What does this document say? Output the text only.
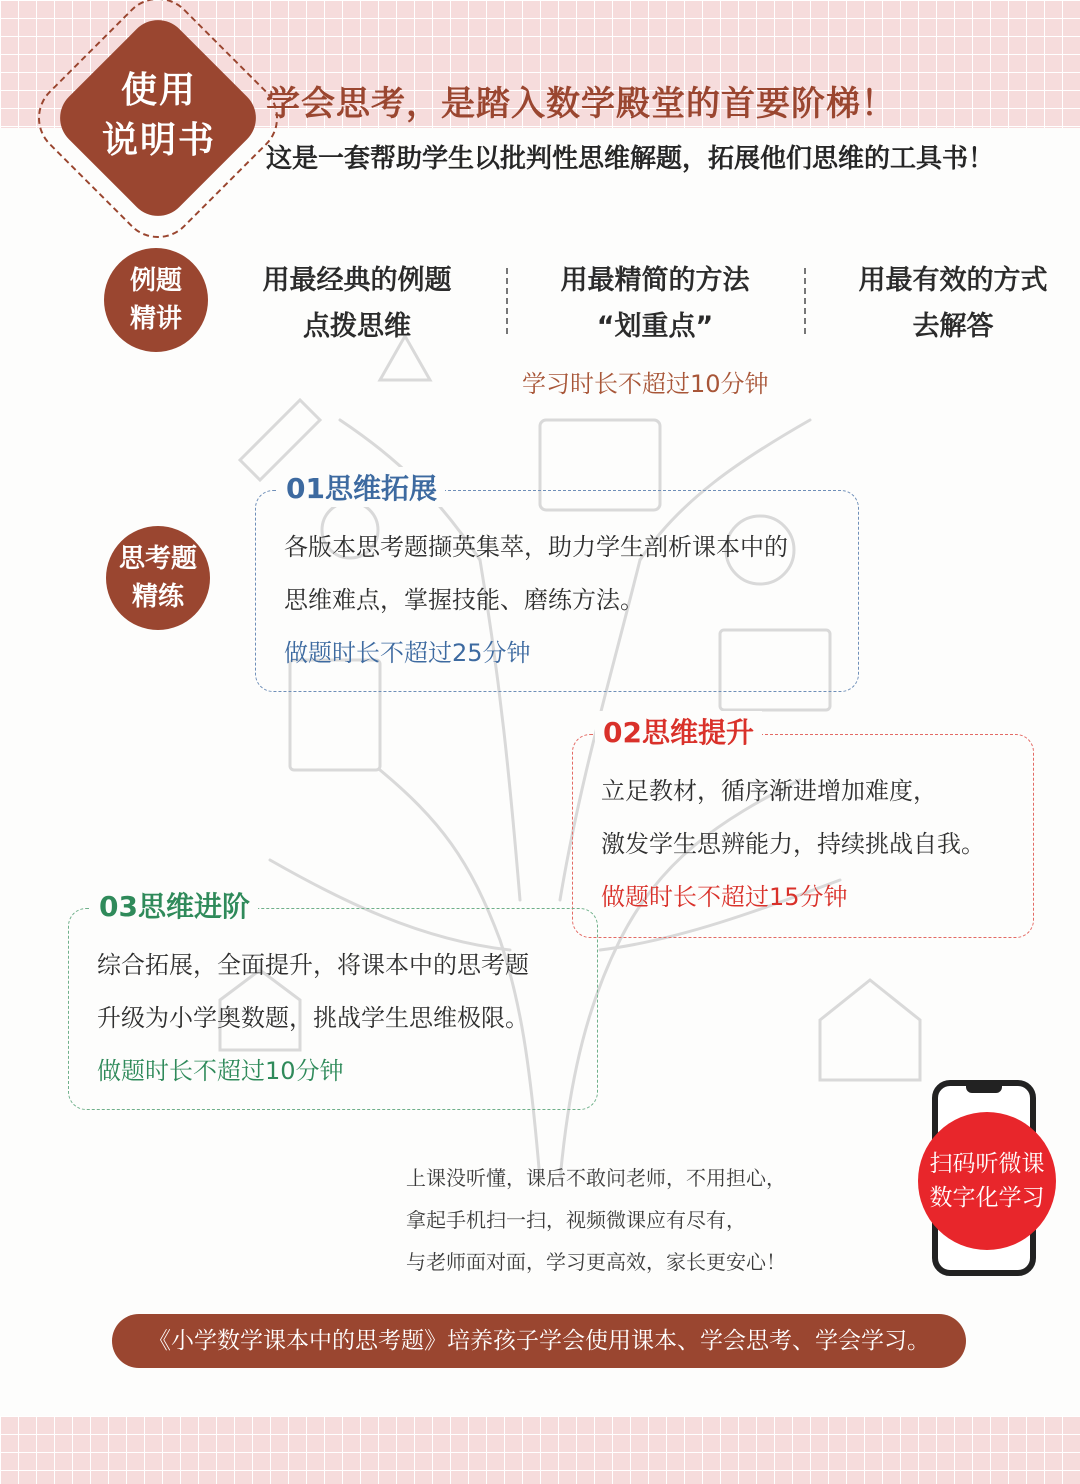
使用
说明书
学会思考，是踏入数学殿堂的首要阶梯！
这是一套帮助学生以批判性思维解题，拓展他们思维的工具书！
例题
精讲
用最经典的例题
点拨思维
用最精简的方法
“划重点”
用最有效的方式
去解答
学习时长不超过10分钟
思考题
精练
01思维拓展
各版本思考题撷英集萃，助力学生剖析课本中的
思维难点，掌握技能、磨练方法。
做题时长不超过25分钟
02思维提升
立足教材，循序渐进增加难度，
激发学生思辨能力，持续挑战自我。
做题时长不超过15分钟
03思维进阶
综合拓展，全面提升，将课本中的思考题
升级为小学奥数题，挑战学生思维极限。
做题时长不超过10分钟
上课没听懂，课后不敢问老师，不用担心，
拿起手机扫一扫，视频微课应有尽有，
与老师面对面，学习更高效，家长更安心！
扫码听微课
数字化学习
《小学数学课本中的思考题》培养孩子学会使用课本、学会思考、学会学习。
